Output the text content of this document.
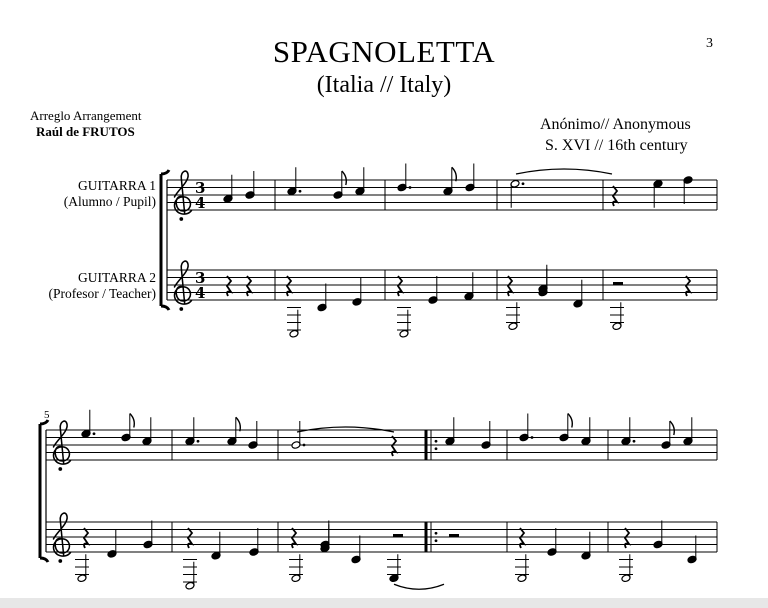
SPAGNOLETTA
(Italia // Italy)
3
Arreglo Arrangement
Raúl de FRUTOS	Anónimo// Anonymous
S. XVI // 16th century
GUITARRA 1
(Alumno / Pupil)
GUITARRA 2
(Profesor / Teacher)
5
3
4
3
4
